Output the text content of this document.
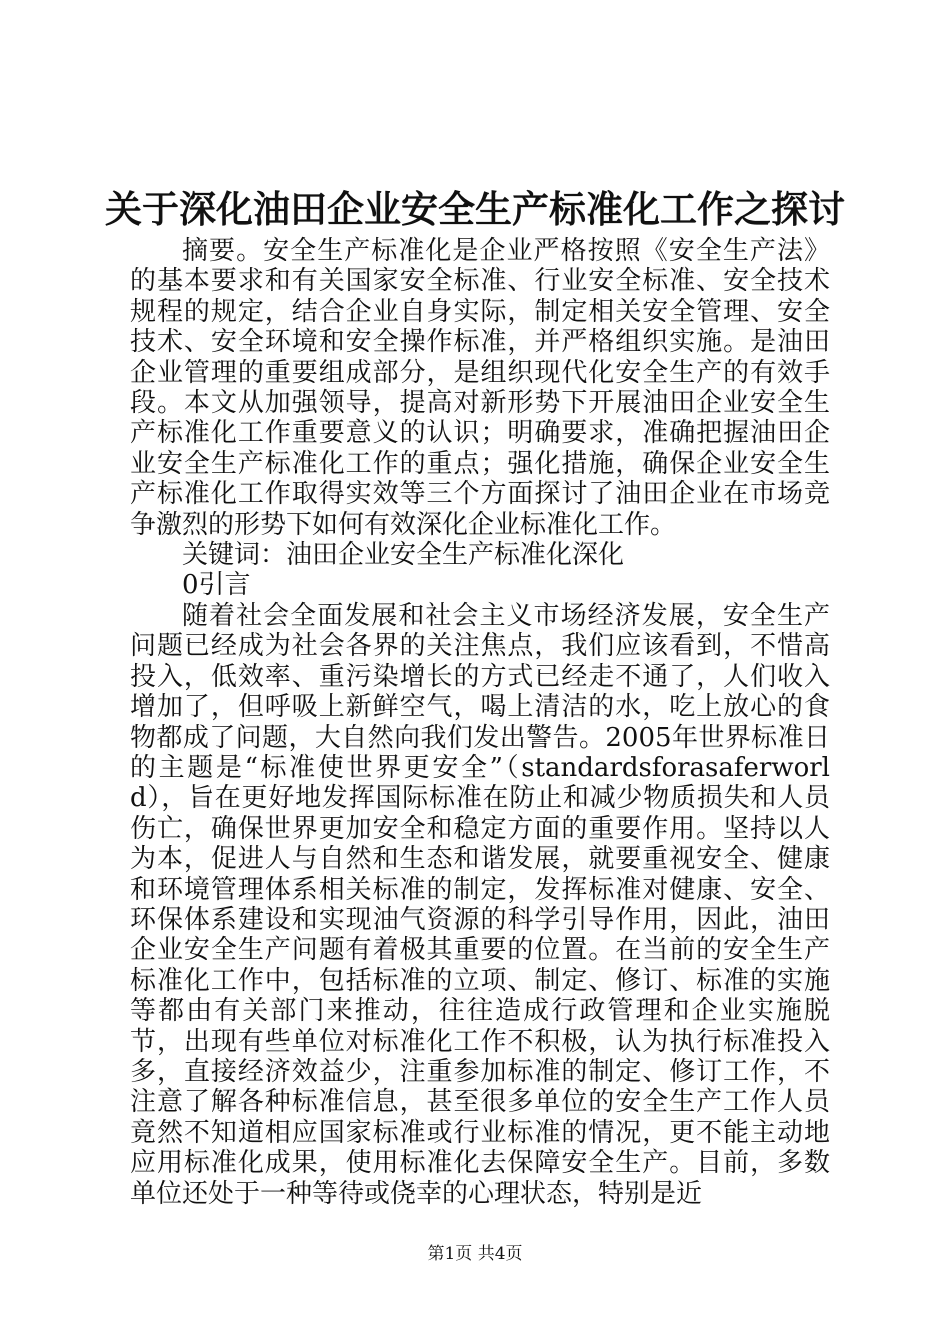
关于深化油田企业安全生产标准化工作之探讨

摘要。安全生产标准化是企业严格按照《安全生产法》的基本要求和有关国家安全标准、行业安全标准、安全技术规程的规定，结合企业自身实际，制定相关安全管理、安全技术、安全环境和安全操作标准，并严格组织实施。是油田企业管理的重要组成部分，是组织现代化安全生产的有效手段。本文从加强领导，提高对新形势下开展油田企业安全生产标准化工作重要意义的认识；明确要求，准确把握油田企业安全生产标准化工作的重点；强化措施，确保企业安全生产标准化工作取得实效等三个方面探讨了油田企业在市场竞争激烈的形势下如何有效深化企业标准化工作。

关键词：油田企业安全生产标准化深化

0引言

随着社会全面发展和社会主义市场经济发展，安全生产问题已经成为社会各界的关注焦点，我们应该看到，不惜高投入，低效率、重污染增长的方式已经走不通了，人们收入增加了，但呼吸上新鲜空气，喝上清洁的水，吃上放心的食物都成了问题，大自然向我们发出警告。2005年世界标准日的主题是“标准使世界更安全”（standardsforasaferworld），旨在更好地发挥国际标准在防止和减少物质损失和人员伤亡，确保世界更加安全和稳定方面的重要作用。坚持以人为本，促进人与自然和生态和谐发展，就要重视安全、健康和环境管理体系相关标准的制定，发挥标准对健康、安全、环保体系建设和实现油气资源的科学引导作用，因此，油田企业安全生产问题有着极其重要的位置。在当前的安全生产标准化工作中，包括标准的立项、制定、修订、标准的实施等都由有关部门来推动，往往造成行政管理和企业实施脱节，出现有些单位对标准化工作不积极，认为执行标准投入多，直接经济效益少，注重参加标准的制定、修订工作，不注意了解各种标准信息，甚至很多单位的安全生产工作人员竟然不知道相应国家标准或行业标准的情况，更不能主动地应用标准化成果，使用标准化去保障安全生产。目前，多数单位还处于一种等待或侥幸的心理状态，特别是近

第1页 共4页
